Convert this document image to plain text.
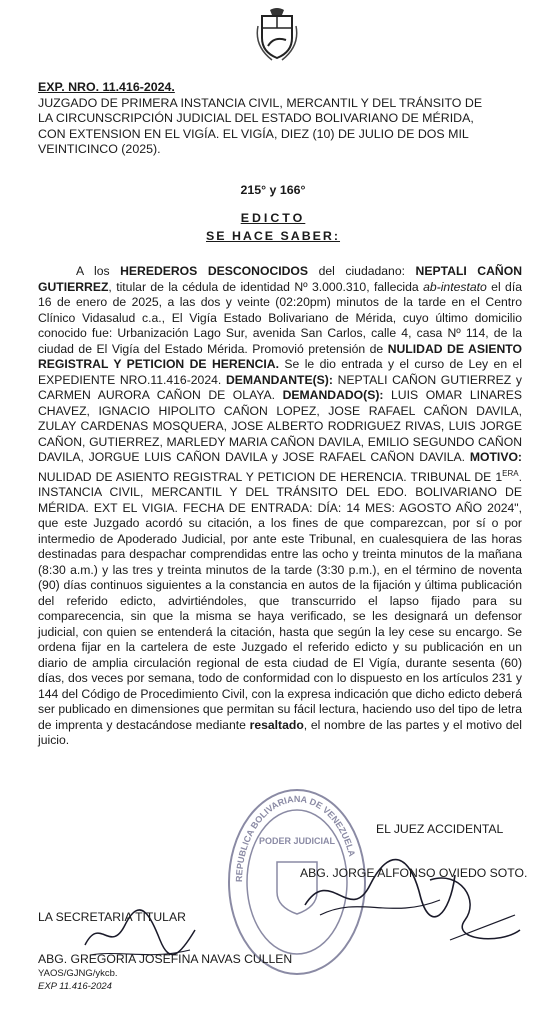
EXP. NRO. 11.416-2024.
JUZGADO DE PRIMERA INSTANCIA CIVIL, MERCANTIL Y DEL TRÁNSITO DE
LA CIRCUNSCRIPCIÓN JUDICIAL DEL ESTADO BOLIVARIANO DE MÉRIDA,
CON EXTENSION EN EL VIGÍA. EL VIGÍA, DIEZ (10) DE JULIO DE DOS MIL
VEINTICINCO (2025).
215° y 166°
EDICTO
SE HACE SABER:

A los HEREDEROS DESCONOCIDOS del ciudadano: NEPTALI CAÑON GUTIERREZ, titular de la cédula de identidad Nº 3.000.310, fallecida ab-intestato el día 16 de enero de 2025, a las dos y veinte (02:20pm) minutos de la tarde en el Centro Clínico Vidasalud c.a., El Vigía Estado Bolivariano de Mérida, cuyo último domicilio conocido fue: Urbanización Lago Sur, avenida San Carlos, calle 4, casa Nº 114, de la ciudad de El Vigía del Estado Mérida. Promovió pretensión de NULIDAD DE ASIENTO REGISTRAL Y PETICION DE HERENCIA. Se le dio entrada y el curso de Ley en el EXPEDIENTE NRO.11.416-2024. DEMANDANTE(S): NEPTALI CAÑON GUTIERREZ y CARMEN AURORA CAÑON DE OLAYA. DEMANDADO(S): LUIS OMAR LINARES CHAVEZ, IGNACIO HIPOLITO CAÑON LOPEZ, JOSE RAFAEL CAÑON DAVILA, ZULAY CARDENAS MOSQUERA, JOSE ALBERTO RODRIGUEZ RIVAS, LUIS JORGE CAÑON, GUTIERREZ, MARLEDY MARIA CAÑON DAVILA, EMILIO SEGUNDO CAÑON DAVILA, JORGUE LUIS CAÑON DAVILA y JOSE RAFAEL CAÑON DAVILA. MOTIVO: NULIDAD DE ASIENTO REGISTRAL Y PETICION DE HERENCIA. TRIBUNAL DE $1^{ERA}$. INSTANCIA CIVIL, MERCANTIL Y DEL TRÁNSITO DEL EDO. BOLIVARIANO DE MÉRIDA. EXT EL VIGIA. FECHA DE ENTRADA: DÍA: 14 MES: AGOSTO AÑO 2024", que este Juzgado acordó su citación, a los fines de que comparezcan, por sí o por intermedio de Apoderado Judicial, por ante este Tribunal, en cualesquiera de las horas destinadas para despachar comprendidas entre las ocho y treinta minutos de la mañana (8:30 a.m.) y las tres y treinta minutos de la tarde (3:30 p.m.), en el término de noventa (90) días continuos siguientes a la constancia en autos de la fijación y última publicación del referido edicto, advirtiéndoles, que transcurrido el lapso fijado para su comparecencia, sin que la misma se haya verificado, se les designará un defensor judicial, con quien se entenderá la citación, hasta que según la ley cese su encargo. Se ordena fijar en la cartelera de este Juzgado el referido edicto y su publicación en un diario de amplia circulación regional de esta ciudad de El Vigía, durante sesenta (60) días, dos veces por semana, todo de conformidad con lo dispuesto en los artículos 231 y 144 del Código de Procedimiento Civil, con la expresa indicación que dicho edicto deberá ser publicado en dimensiones que permitan su fácil lectura, haciendo uso del tipo de letra de imprenta y destacándose mediante resaltado, el nombre de las partes y el motivo del juicio.

REPUBLICA BOLIVARIANA DE VENEZUELA
PODER JUDICIAL
EL JUEZ ACCIDENTAL
ABG. JORGE ALFONSO OVIEDO SOTO.
LA SECRETARIA TITULAR
ABG. GREGORIA JOSEFINA NAVAS CULLEN
YAOS/GJNG/ykcb.
EXP 11.416-2024
